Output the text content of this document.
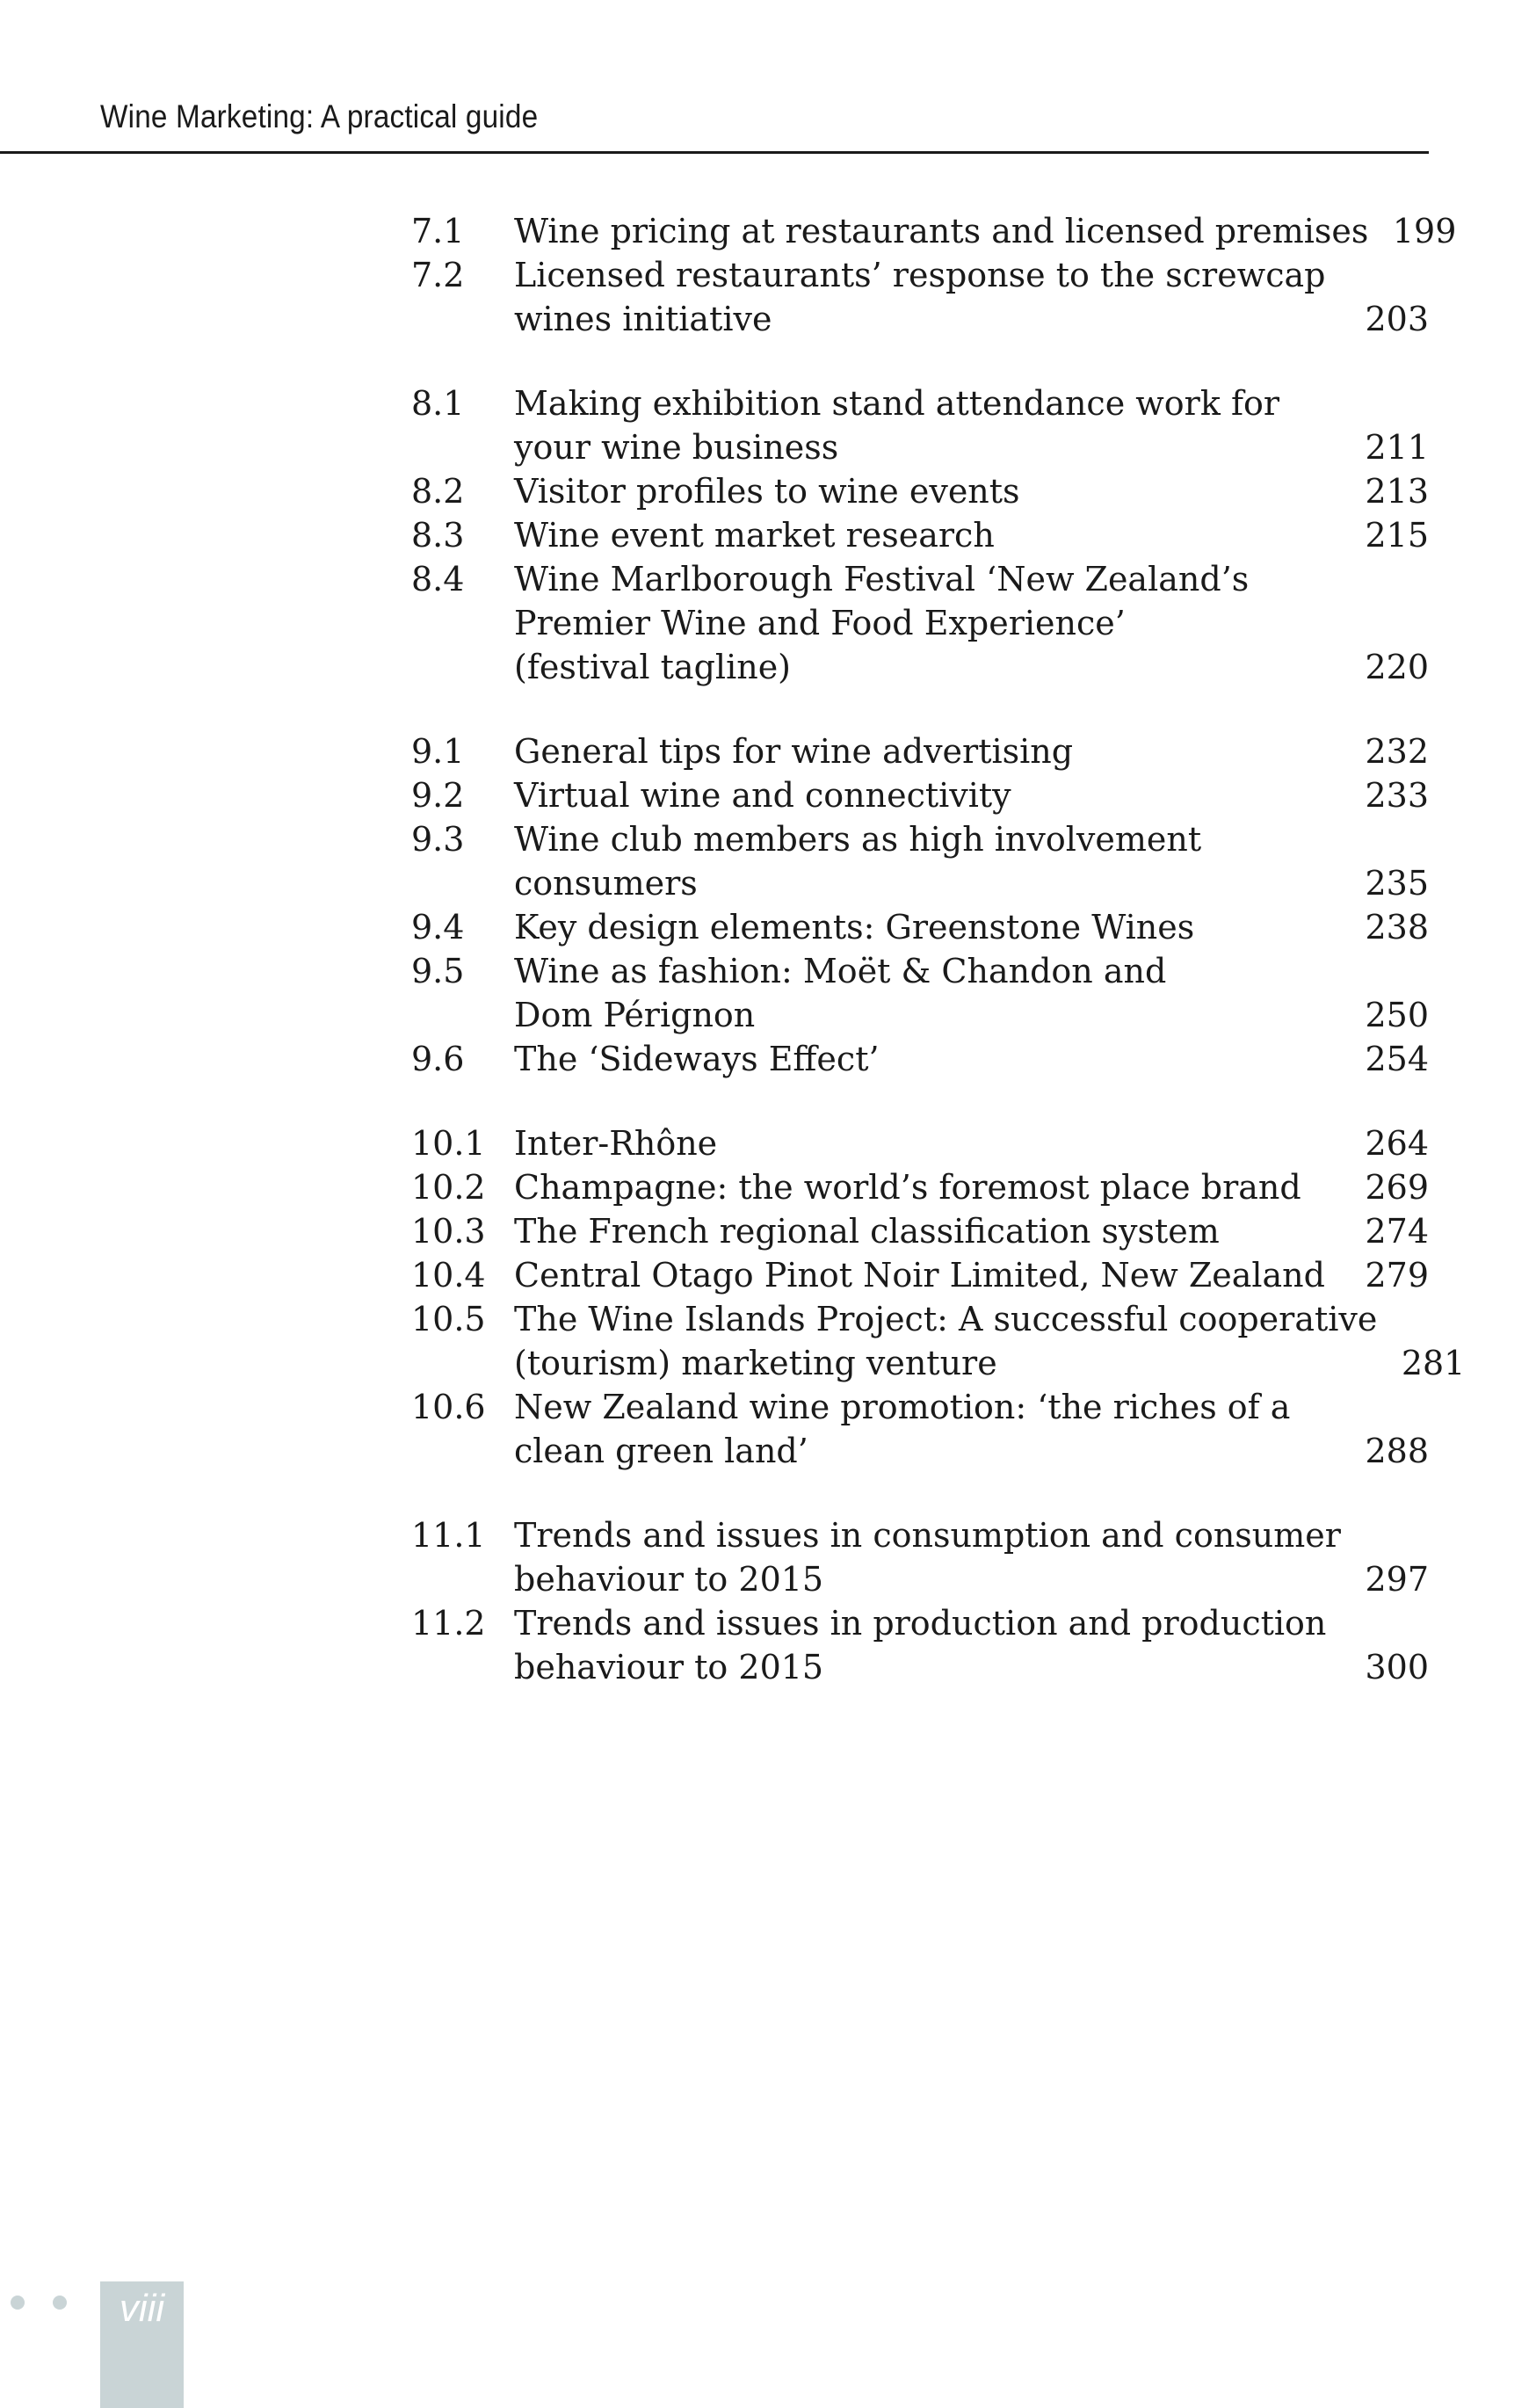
Wine Marketing: A practical guide
7.1	Wine pricing at restaurants and licensed premises 199
7.2	Licensed restaurants’ response to the screwcap
wines initiative	203
8.1	Making exhibition stand attendance work for
your wine business	211
8.2	Visitor profiles to wine events	213
8.3	Wine event market research	215
8.4	Wine Marlborough Festival ‘New Zealand’s
Premier Wine and Food Experience’
(festival tagline)	220
9.1	General tips for wine advertising	232
9.2	Virtual wine and connectivity	233
9.3	Wine club members as high involvement
consumers	235
9.4	Key design elements: Greenstone Wines	238
9.5	Wine as fashion: Moët & Chandon and
Dom Pérignon	250
9.6	The ‘Sideways Effect’	254
10.1 Inter-Rhône	264
10.2 Champagne: the world’s foremost place brand	269
10.3 The French regional classification system	274
10.4 Central Otago Pinot Noir Limited, New Zealand	279
10.5 The Wine Islands Project: A successful cooperative
(tourism) marketing venture	281
10.6 New Zealand wine promotion: ‘the riches of a
clean green land’	288
11.1 Trends and issues in consumption and consumer
behaviour to 2015	297
11.2 Trends and issues in production and production
behaviour to 2015	300
viii
